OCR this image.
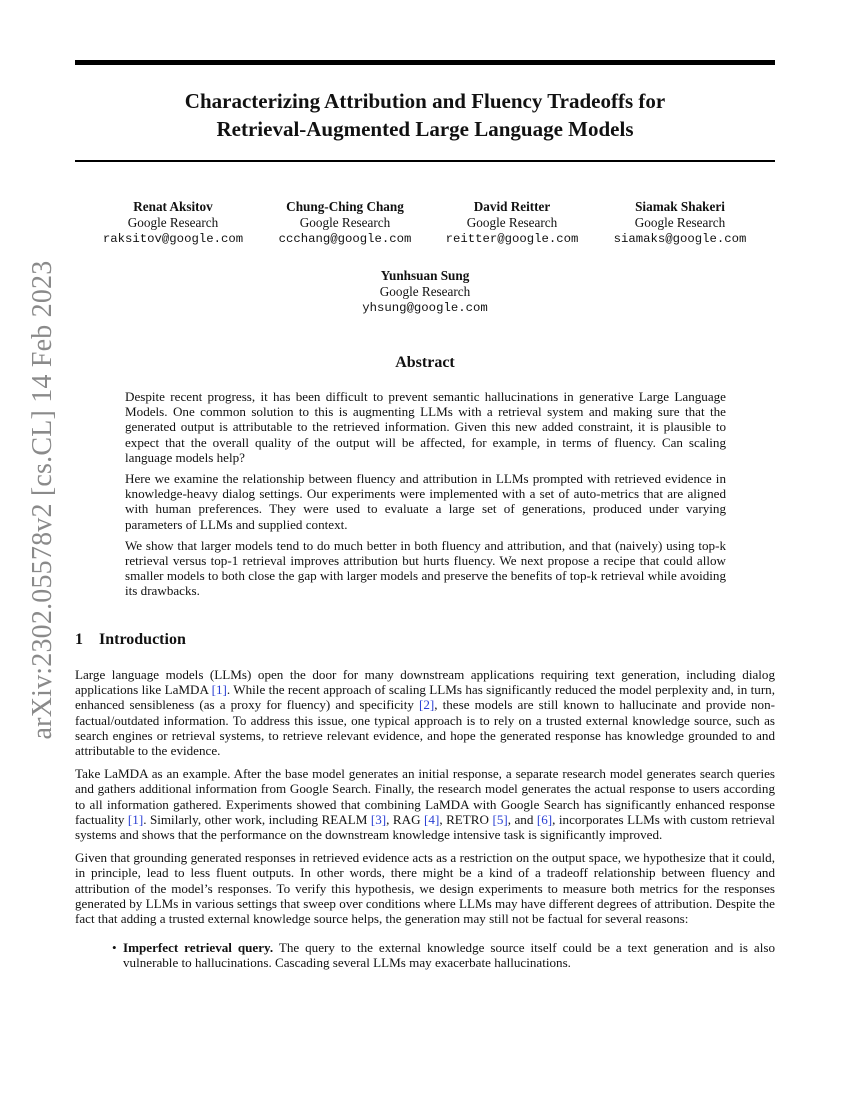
Characterizing Attribution and Fluency Tradeoffs for
Retrieval-Augmented Large Language Models
arXiv:2302.05578v2 [cs.CL] 14 Feb 2023
Renat Aksitov
Google Research
raksitov@google.com
Chung-Ching Chang
Google Research
ccchang@google.com
David Reitter
Google Research
reitter@google.com
Siamak Shakeri
Google Research
siamaks@google.com
Yunhsuan Sung
Google Research
yhsung@google.com
Abstract

Despite recent progress, it has been difficult to prevent semantic hallucinations in generative Large Language Models. One common solution to this is augmenting LLMs with a retrieval system and making sure that the generated output is attributable to the retrieved information. Given this new added constraint, it is plausible to expect that the overall quality of the output will be affected, for example, in terms of fluency. Can scaling language models help?

Here we examine the relationship between fluency and attribution in LLMs prompted with retrieved evidence in knowledge-heavy dialog settings. Our experiments were implemented with a set of auto-metrics that are aligned with human preferences. They were used to evaluate a large set of generations, produced under varying parameters of LLMs and supplied context.

We show that larger models tend to do much better in both fluency and attribution, and that (naively) using top-k retrieval versus top-1 retrieval improves attribution but hurts fluency. We next propose a recipe that could allow smaller models to both close the gap with larger models and preserve the benefits of top-k retrieval while avoiding its drawbacks.

1 Introduction

Large language models (LLMs) open the door for many downstream applications requiring text generation, including dialog applications like LaMDA [1]. While the recent approach of scaling LLMs has significantly reduced the model perplexity and, in turn, enhanced sensibleness (as a proxy for fluency) and specificity [2], these models are still known to hallucinate and provide non-factual/outdated information. To address this issue, one typical approach is to rely on a trusted external knowledge source, such as search engines or retrieval systems, to retrieve relevant evidence, and hope the generated response has knowledge grounded to and attributable to the evidence.

Take LaMDA as an example. After the base model generates an initial response, a separate research model generates search queries and gathers additional information from Google Search. Finally, the research model generates the actual response to users according to all information gathered. Experiments showed that combining LaMDA with Google Search has significantly enhanced response factuality [1]. Similarly, other work, including REALM [3], RAG [4], RETRO [5], and [6], incorporates LLMs with custom retrieval systems and shows that the performance on the downstream knowledge intensive task is significantly improved.

Given that grounding generated responses in retrieved evidence acts as a restriction on the output space, we hypothesize that it could, in principle, lead to less fluent outputs. In other words, there might be a kind of a tradeoff relationship between fluency and attribution of the model’s responses. To verify this hypothesis, we design experiments to measure both metrics for the responses generated by LLMs in various settings that sweep over conditions where LLMs may have different degrees of attribution. Despite the fact that adding a trusted external knowledge source helps, the generation may still not be factual for several reasons:

• Imperfect retrieval query. The query to the external knowledge source itself could be a text generation and is also vulnerable to hallucinations. Cascading several LLMs may exacerbate hallucinations.
